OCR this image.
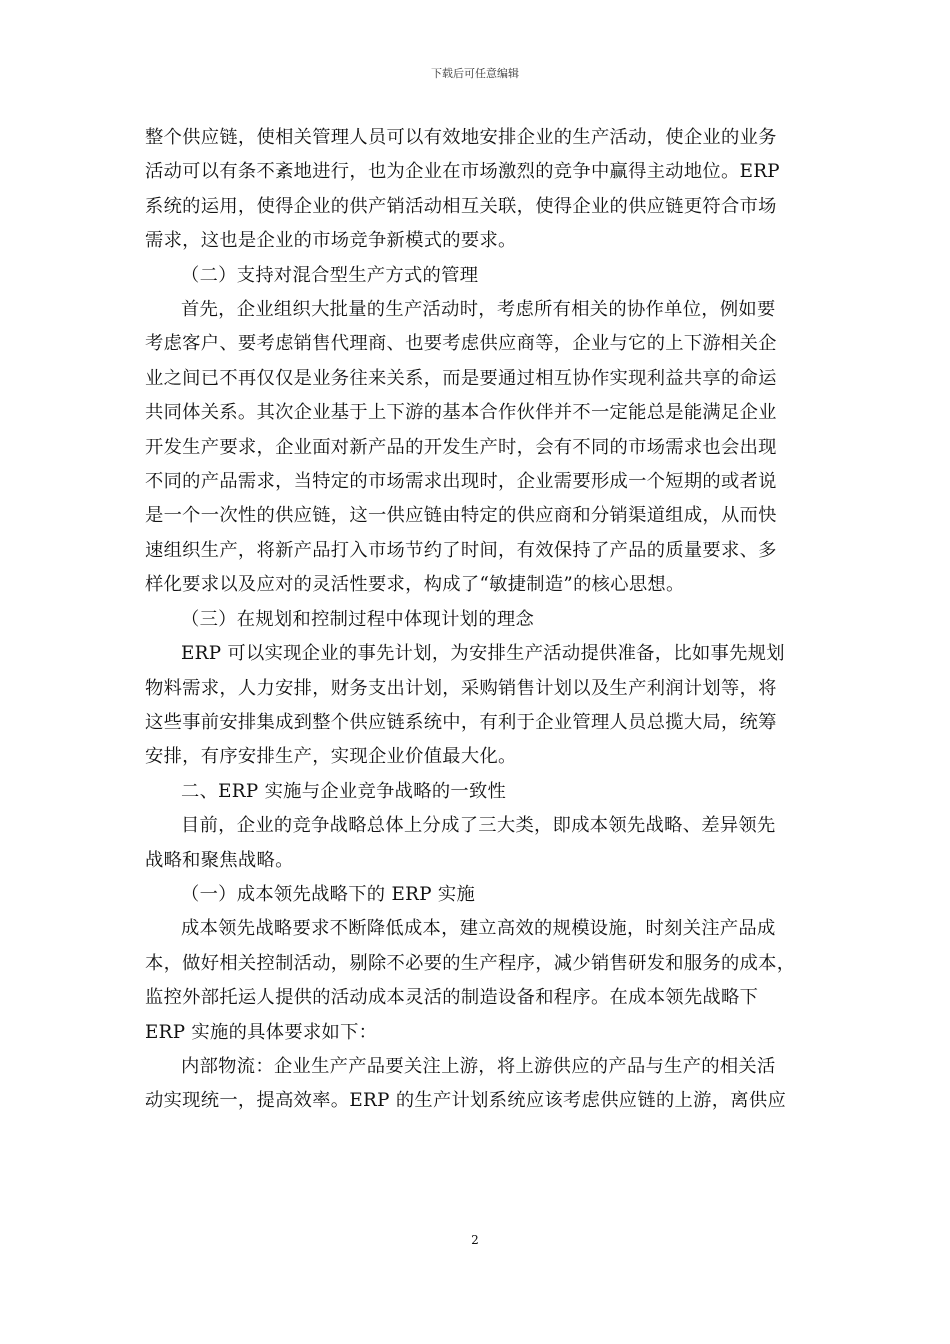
下载后可任意编辑

整个供应链，使相关管理人员可以有效地安排企业的生产活动，使企业的业务
活动可以有条不紊地进行，也为企业在市场激烈的竞争中赢得主动地位。ERP
系统的运用，使得企业的供产销活动相互关联，使得企业的供应链更符合市场
需求，这也是企业的市场竞争新模式的要求。

（二）支持对混合型生产方式的管理

首先，企业组织大批量的生产活动时，考虑所有相关的协作单位，例如要
考虑客户、要考虑销售代理商、也要考虑供应商等，企业与它的上下游相关企
业之间已不再仅仅是业务往来关系，而是要通过相互协作实现利益共享的命运
共同体关系。其次企业基于上下游的基本合作伙伴并不一定能总是能满足企业
开发生产要求，企业面对新产品的开发生产时，会有不同的市场需求也会出现
不同的产品需求，当特定的市场需求出现时，企业需要形成一个短期的或者说
是一个一次性的供应链，这一供应链由特定的供应商和分销渠道组成，从而快
速组织生产，将新产品打入市场节约了时间，有效保持了产品的质量要求、多
样化要求以及应对的灵活性要求，构成了“敏捷制造”的核心思想。

（三）在规划和控制过程中体现计划的理念

ERP 可以实现企业的事先计划，为安排生产活动提供准备，比如事先规划
物料需求，人力安排，财务支出计划，采购销售计划以及生产利润计划等，将
这些事前安排集成到整个供应链系统中，有利于企业管理人员总揽大局，统筹
安排，有序安排生产，实现企业价值最大化。

二、ERP 实施与企业竞争战略的一致性

目前，企业的竞争战略总体上分成了三大类，即成本领先战略、差异领先
战略和聚焦战略。

（一）成本领先战略下的 ERP 实施

成本领先战略要求不断降低成本，建立高效的规模设施，时刻关注产品成
本，做好相关控制活动，剔除不必要的生产程序，减少销售研发和服务的成本，
监控外部托运人提供的活动成本灵活的制造设备和程序。在成本领先战略下
ERP 实施的具体要求如下：

内部物流：企业生产产品要关注上游，将上游供应的产品与生产的相关活
动实现统一，提高效率。ERP 的生产计划系统应该考虑供应链的上游，离供应

2
